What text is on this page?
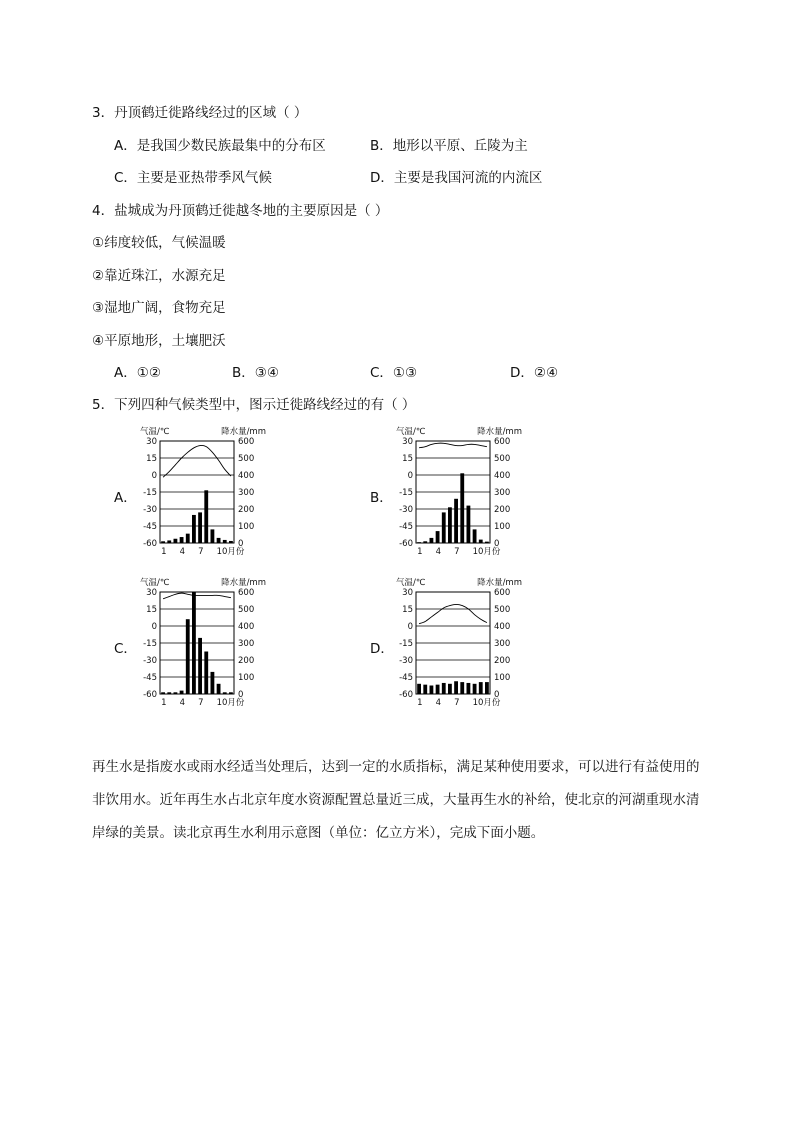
3．丹顶鹤迁徙路线经过的区域（ ）
A．是我国少数民族最集中的分布区	B．地形以平原、丘陵为主
C．主要是亚热带季风气候	D．主要是我国河流的内流区
4．盐城成为丹顶鹤迁徙越冬地的主要原因是（ ）
①纬度较低，气候温暖
②靠近珠江，水源充足
③湿地广阔，食物充足
④平原地形，土壤肥沃
A．①②	B．③④	C．①③	D．②④
5．下列四种气候类型中，图示迁徙路线经过的有（ ）
A．	B．
C．	D．
气温/℃	降水量/mm
30
15
0
-15
-30
-45
-60
600
500
400
300
200
100
0
1 4 7 10月份
气温/℃	降水量/mm
30
15
0
-15
-30
-45
-60
600
500
400
300
200
100
0
1 4 7 10月份
气温/℃	降水量/mm
30
15
0
-15
-30
-45
-60
600
500
400
300
200
100
0
1 4 7 10月份
气温/℃	降水量/mm
30
15
0
-15
-30
-45
-60
600
500
400
300
200
100
0
1 4 7 10月份
再生水是指废水或雨水经适当处理后，达到一定的水质指标，满足某种使用要求，可以进行有益使用的非饮用水。近年再生水占北京年度水资源配置总量近三成，大量再生水的补给，使北京的河湖重现水清岸绿的美景。读北京再生水利用示意图（单位：亿立方米），完成下面小题。
